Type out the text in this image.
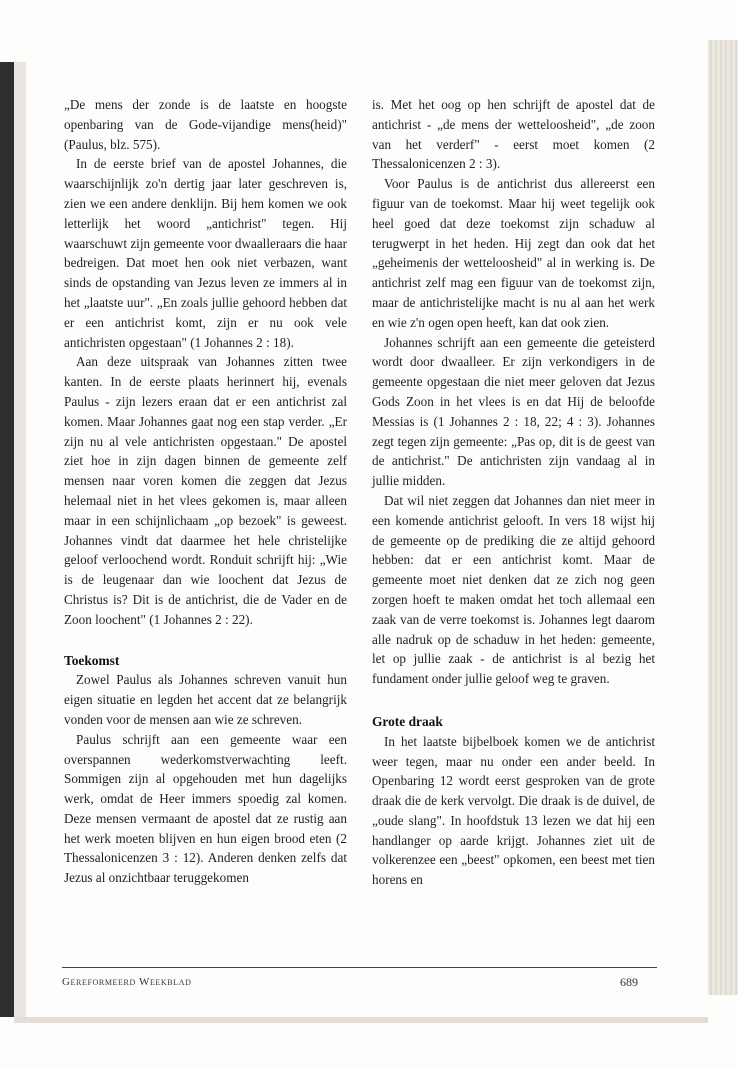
„De mens der zonde is de laatste en hoogste openbaring van de Gode-vijandige mens(heid)" (Paulus, blz. 575).

In de eerste brief van de apostel Johannes, die waarschijnlijk zo'n dertig jaar later geschreven is, zien we een andere denklijn. Bij hem komen we ook letterlijk het woord „antichrist" tegen. Hij waarschuwt zijn gemeente voor dwaalleraars die haar bedreigen. Dat moet hen ook niet verbazen, want sinds de opstanding van Jezus leven ze immers al in het „laatste uur". „En zoals jullie gehoord hebben dat er een antichrist komt, zijn er nu ook vele antichristen opgestaan" (1 Johannes 2 : 18).

Aan deze uitspraak van Johannes zitten twee kanten. In de eerste plaats herinnert hij, evenals Paulus - zijn lezers eraan dat er een antichrist zal komen. Maar Johannes gaat nog een stap verder. „Er zijn nu al vele antichristen opgestaan." De apostel ziet hoe in zijn dagen binnen de gemeente zelf mensen naar voren komen die zeggen dat Jezus helemaal niet in het vlees gekomen is, maar alleen maar in een schijnlichaam „op bezoek" is geweest. Johannes vindt dat daarmee het hele christelijke geloof verloochend wordt. Ronduit schrijft hij: „Wie is de leugenaar dan wie loochent dat Jezus de Christus is? Dit is de antichrist, die de Vader en de Zoon loochent" (1 Johannes 2 : 22).

Toekomst

Zowel Paulus als Johannes schreven vanuit hun eigen situatie en legden het accent dat ze belangrijk vonden voor de mensen aan wie ze schreven.

Paulus schrijft aan een gemeente waar een overspannen wederkomstverwachting leeft. Sommigen zijn al opgehouden met hun dagelijks werk, omdat de Heer immers spoedig zal komen. Deze mensen vermaant de apostel dat ze rustig aan het werk moeten blijven en hun eigen brood eten (2 Thessalonicenzen 3 : 12). Anderen denken zelfs dat Jezus al onzichtbaar teruggekomen

is. Met het oog op hen schrijft de apostel dat de antichrist - „de mens der wetteloosheid", „de zoon van het verderf" - eerst moet komen (2 Thessalonicenzen 2 : 3).

Voor Paulus is de antichrist dus allereerst een figuur van de toekomst. Maar hij weet tegelijk ook heel goed dat deze toekomst zijn schaduw al terugwerpt in het heden. Hij zegt dan ook dat het „geheimenis der wetteloosheid" al in werking is. De antichrist zelf mag een figuur van de toekomst zijn, maar de antichristelijke macht is nu al aan het werk en wie z'n ogen open heeft, kan dat ook zien.

Johannes schrijft aan een gemeente die geteisterd wordt door dwaalleer. Er zijn verkondigers in de gemeente opgestaan die niet meer geloven dat Jezus Gods Zoon in het vlees is en dat Hij de beloofde Messias is (1 Johannes 2 : 18, 22; 4 : 3). Johannes zegt tegen zijn gemeente: „Pas op, dit is de geest van de antichrist." De antichristen zijn vandaag al in jullie midden.

Dat wil niet zeggen dat Johannes dan niet meer in een komende antichrist gelooft. In vers 18 wijst hij de gemeente op de prediking die ze altijd gehoord hebben: dat er een antichrist komt. Maar de gemeente moet niet denken dat ze zich nog geen zorgen hoeft te maken omdat het toch allemaal een zaak van de verre toekomst is. Johannes legt daarom alle nadruk op de schaduw in het heden: gemeente, let op jullie zaak - de antichrist is al bezig het fundament onder jullie geloof weg te graven.

Grote draak

In het laatste bijbelboek komen we de antichrist weer tegen, maar nu onder een ander beeld. In Openbaring 12 wordt eerst gesproken van de grote draak die de kerk vervolgt. Die draak is de duivel, de „oude slang". In hoofdstuk 13 lezen we dat hij een handlanger op aarde krijgt. Johannes ziet uit de volkerenzee een „beest" opkomen, een beest met tien horens en

Gereformeerd Weekblad	689
